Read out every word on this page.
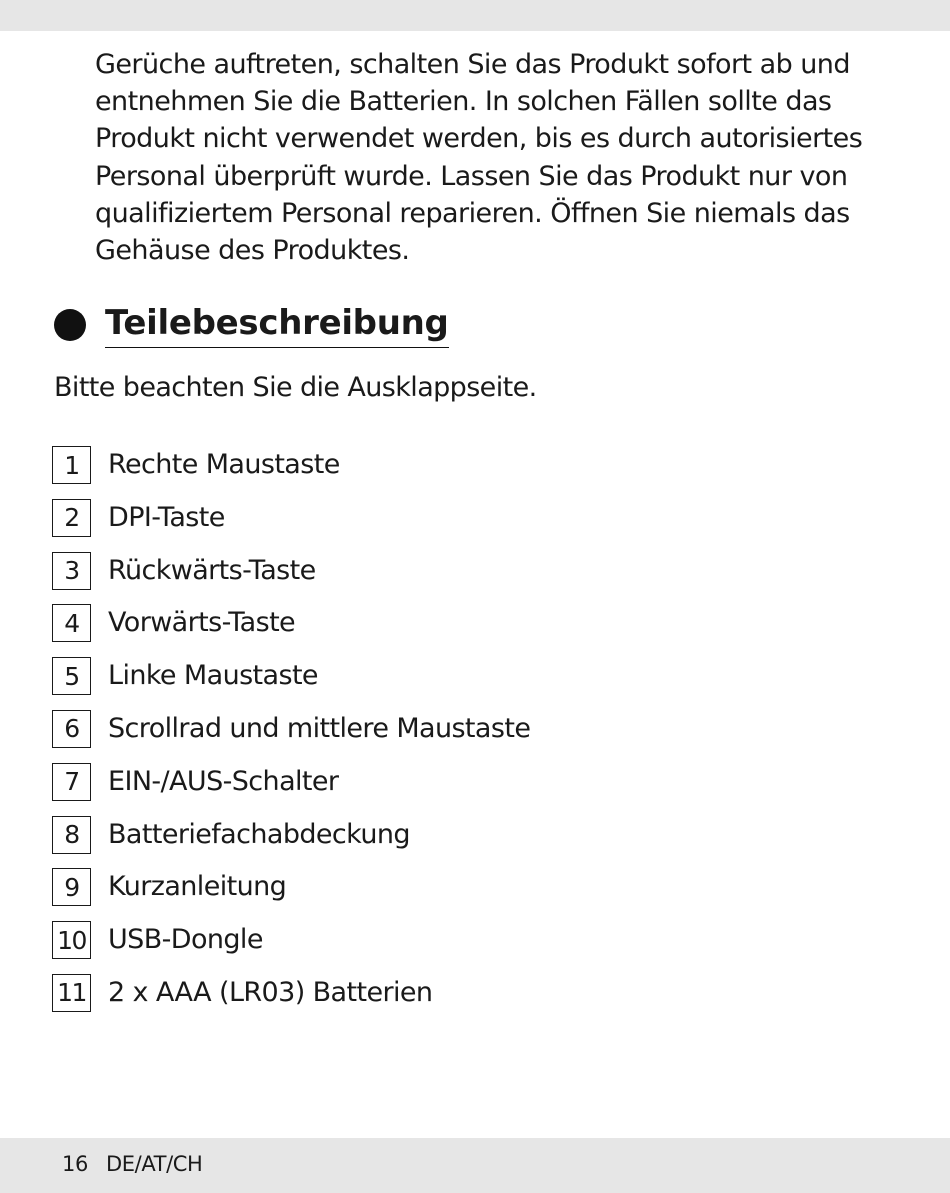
Gerüche auftreten, schalten Sie das Produkt sofort ab und
entnehmen Sie die Batterien. In solchen Fällen sollte das
Produkt nicht verwendet werden, bis es durch autorisiertes
Personal überprüft wurde. Lassen Sie das Produkt nur von
qualifiziertem Personal reparieren. Öffnen Sie niemals das
Gehäuse des Produktes.

Teilebeschreibung

Bitte beachten Sie die Ausklappseite.

1	Rechte Maustaste
2	DPI-Taste
3	Rückwärts-Taste
4	Vorwärts-Taste
5	Linke Maustaste
6	Scrollrad und mittlere Maustaste
7	EIN-/AUS-Schalter
8	Batteriefachabdeckung
9	Kurzanleitung
10 USB-Dongle
11 2 x AAA (LR03) Batterien
16 DE/AT/CH
